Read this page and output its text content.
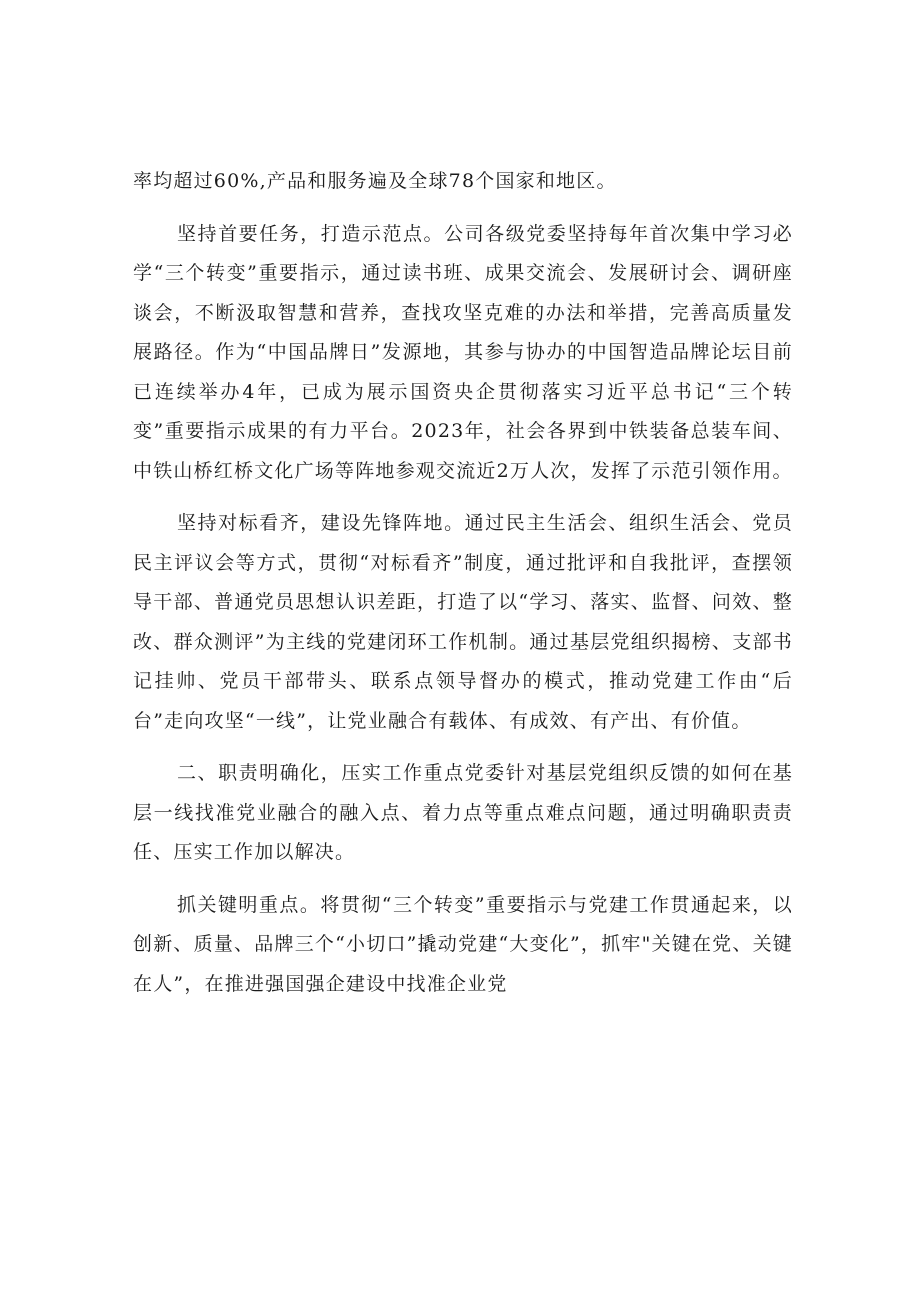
率均超过60%,产品和服务遍及全球78个国家和地区。

坚持首要任务，打造示范点。公司各级党委坚持每年首次集中学习必学“三个转变”重要指示，通过读书班、成果交流会、发展研讨会、调研座谈会，不断汲取智慧和营养，查找攻坚克难的办法和举措，完善高质量发展路径。作为“中国品牌日”发源地，其参与协办的中国智造品牌论坛目前已连续举办4年，已成为展示国资央企贯彻落实习近平总书记“三个转变”重要指示成果的有力平台。2023年，社会各界到中铁装备总装车间、中铁山桥红桥文化广场等阵地参观交流近2万人次，发挥了示范引领作用。

坚持对标看齐，建设先锋阵地。通过民主生活会、组织生活会、党员民主评议会等方式，贯彻“对标看齐”制度，通过批评和自我批评，查摆领导干部、普通党员思想认识差距，打造了以“学习、落实、监督、问效、整改、群众测评”为主线的党建闭环工作机制。通过基层党组织揭榜、支部书记挂帅、党员干部带头、联系点领导督办的模式，推动党建工作由“后台”走向攻坚“一线”，让党业融合有载体、有成效、有产出、有价值。

二、职责明确化，压实工作重点党委针对基层党组织反馈的如何在基层一线找准党业融合的融入点、着力点等重点难点问题，通过明确职责责任、压实工作加以解决。

抓关键明重点。将贯彻“三个转变”重要指示与党建工作贯通起来，以创新、质量、品牌三个“小切口”撬动党建“大变化”，抓牢"关键在党、关键在人”，在推进强国强企建设中找准企业党
